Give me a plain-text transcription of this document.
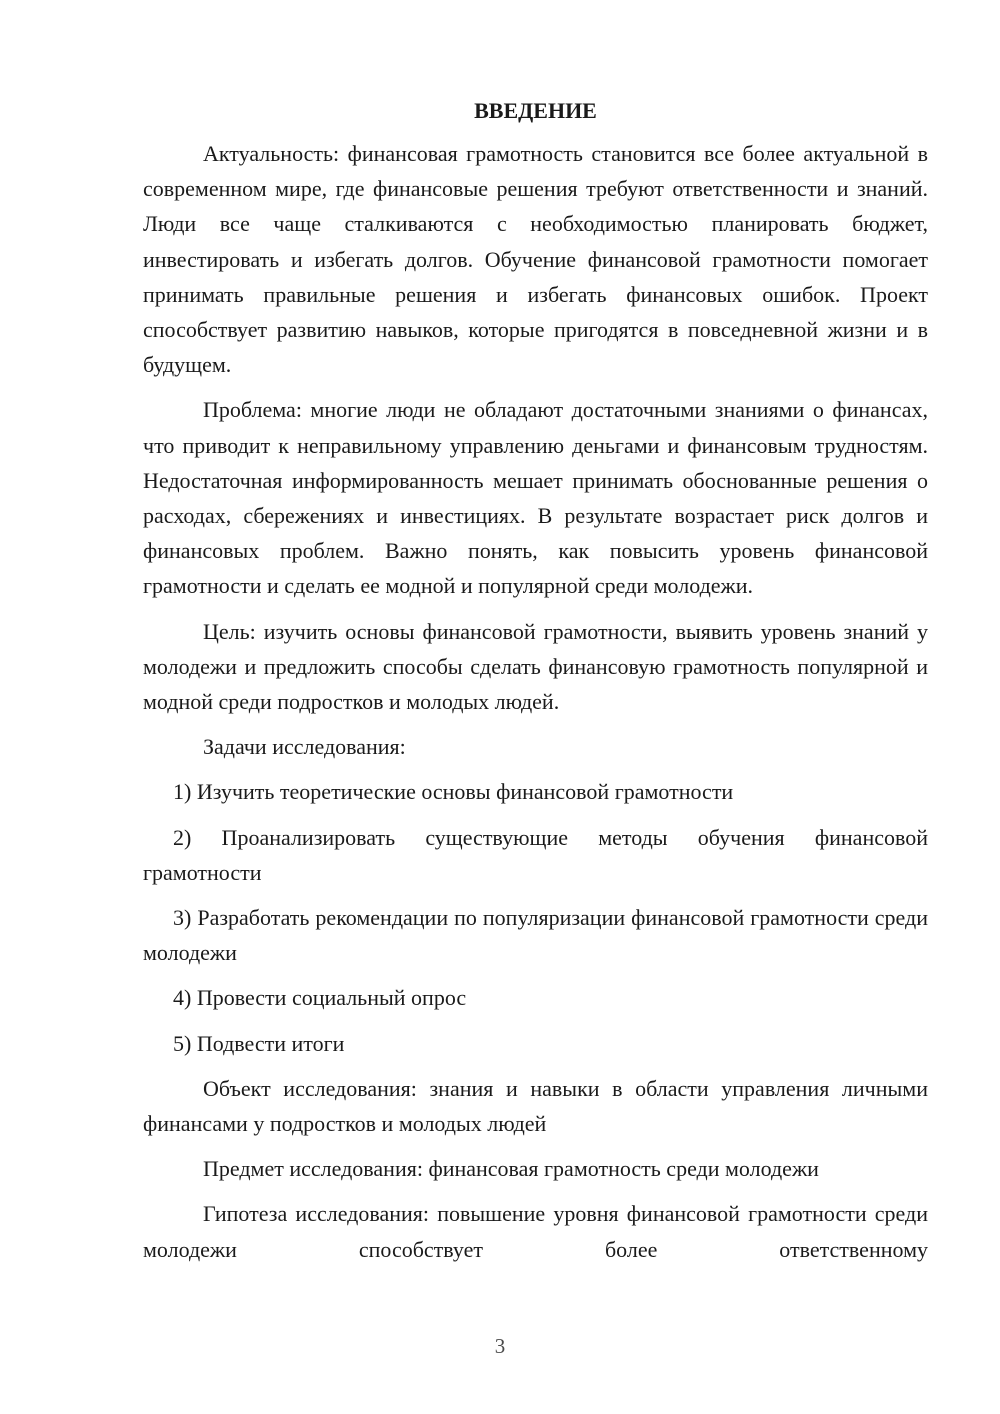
ВВЕДЕНИЕ

Актуальность: финансовая грамотность становится все более актуальной в современном мире, где финансовые решения требуют ответственности и знаний. Люди все чаще сталкиваются с необходимостью планировать бюджет, инвестировать и избегать долгов. Обучение финансовой грамотности помогает принимать правильные решения и избегать финансовых ошибок. Проект способствует развитию навыков, которые пригодятся в повседневной жизни и в будущем.

Проблема: многие люди не обладают достаточными знаниями о финансах, что приводит к неправильному управлению деньгами и финансовым трудностям. Недостаточная информированность мешает принимать обоснованные решения о расходах, сбережениях и инвестициях. В результате возрастает риск долгов и финансовых проблем. Важно понять, как повысить уровень финансовой грамотности и сделать ее модной и популярной среди молодежи.

Цель: изучить основы финансовой грамотности, выявить уровень знаний у молодежи и предложить способы сделать финансовую грамотность популярной и модной среди подростков и молодых людей.

Задачи исследования:

1) Изучить теоретические основы финансовой грамотности

2) Проанализировать существующие методы обучения финансовой грамотности

3) Разработать рекомендации по популяризации финансовой грамотности среди молодежи

4) Провести социальный опрос

5) Подвести итоги

Объект исследования: знания и навыки в области управления личными финансами у подростков и молодых людей

Предмет исследования: финансовая грамотность среди молодежи

Гипотеза исследования: повышение уровня финансовой грамотности среди молодежи способствует более ответственному

3
